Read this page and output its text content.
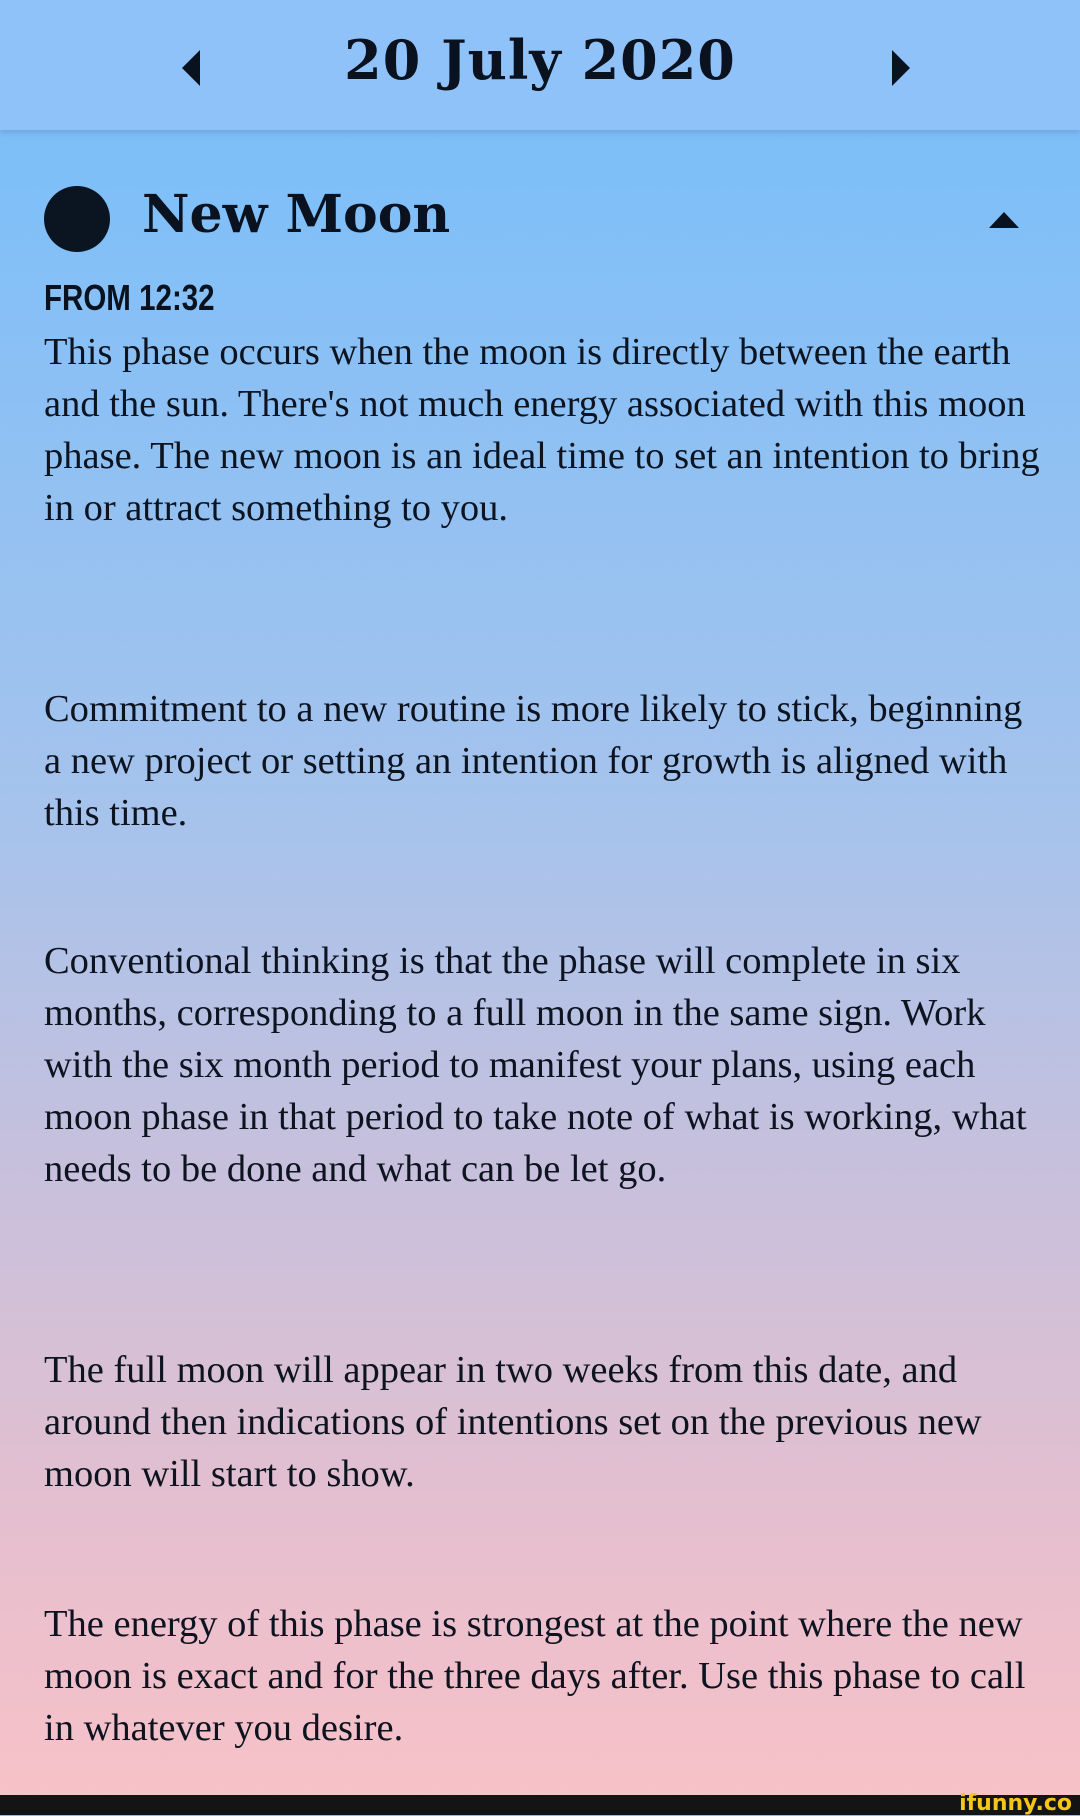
20 July 2020
New Moon
FROM 12:32

This phase occurs when the moon is directly between the earth and the sun. There's not much energy associated with this moon phase. The new moon is an ideal time to set an intention to bring in or attract something to you.

Commitment to a new routine is more likely to stick, beginning a new project or setting an intention for growth is aligned with this time.

Conventional thinking is that the phase will complete in six months, corresponding to a full moon in the same sign. Work with the six month period to manifest your plans, using each moon phase in that period to take note of what is working, what needs to be done and what can be let go.

The full moon will appear in two weeks from this date, and around then indications of intentions set on the previous new moon will start to show.

The energy of this phase is strongest at the point where the new moon is exact and for the three days after. Use this phase to call in whatever you desire.

ifunny.co
